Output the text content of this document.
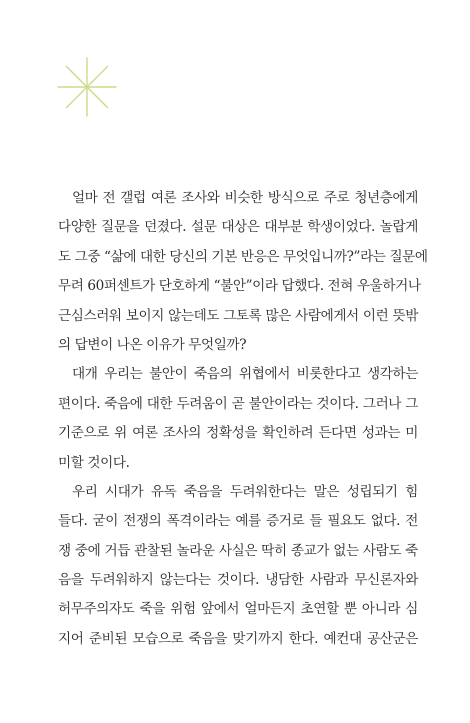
얼마 전 갤럽 여론 조사와 비슷한 방식으로 주로 청년층에게
다양한 질문을 던졌다. 설문 대상은 대부분 학생이었다. 놀랍게
도 그중 “삶에 대한 당신의 기본 반응은 무엇입니까?”라는 질문에
무려 60퍼센트가 단호하게 “불안”이라 답했다. 전혀 우울하거나
근심스러워 보이지 않는데도 그토록 많은 사람에게서 이런 뜻밖
의 답변이 나온 이유가 무엇일까?
대개 우리는 불안이 죽음의 위협에서 비롯한다고 생각하는
편이다. 죽음에 대한 두려움이 곧 불안이라는 것이다. 그러나 그
기준으로 위 여론 조사의 정확성을 확인하려 든다면 성과는 미
미할 것이다.
우리 시대가 유독 죽음을 두려워한다는 말은 성립되기 힘
들다. 굳이 전쟁의 폭격이라는 예를 증거로 들 필요도 없다. 전
쟁 중에 거듭 관찰된 놀라운 사실은 딱히 종교가 없는 사람도 죽
음을 두려워하지 않는다는 것이다. 냉담한 사람과 무신론자와
허무주의자도 죽을 위험 앞에서 얼마든지 초연할 뿐 아니라 심
지어 준비된 모습으로 죽음을 맞기까지 한다. 예컨대 공산군은
